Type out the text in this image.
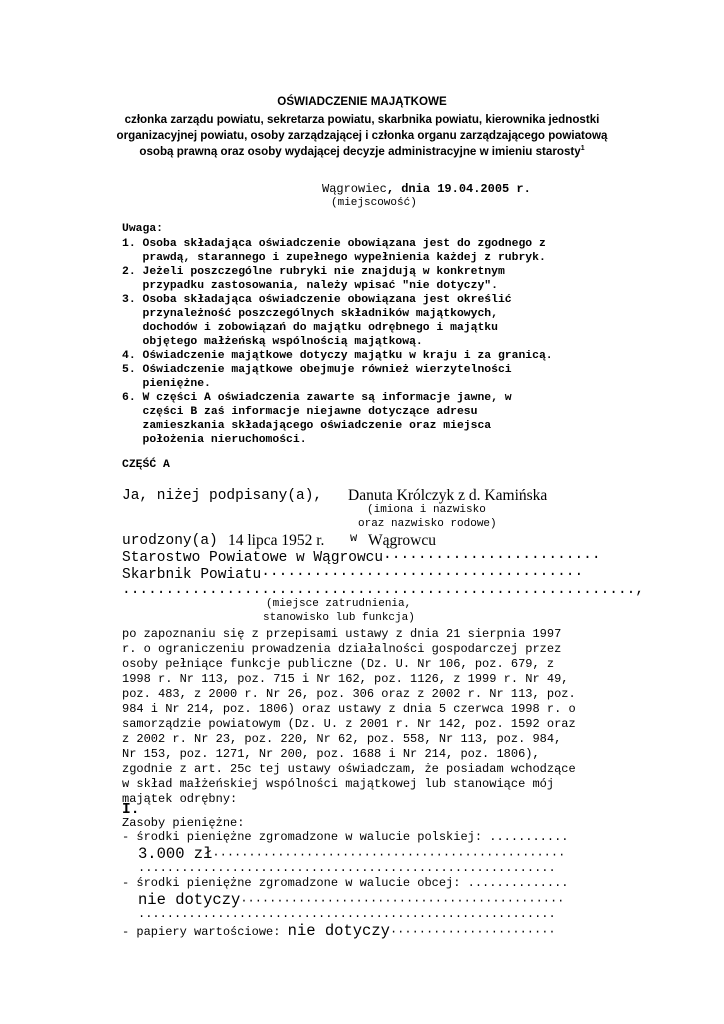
OŚWIADCZENIE MAJĄTKOWE
członka zarządu powiatu, sekretarza powiatu, skarbnika powiatu, kierownika jednostki
organizacyjnej powiatu, osoby zarządzającej i członka organu zarządzającego powiatową
osobą prawną oraz osoby wydającej decyzje administracyjne w imieniu starosty$^1$
Wągrowiec, dnia 19.04.2005 r.
(miejscowość)
Uwaga:
1. Osoba składająca oświadczenie obowiązana jest do zgodnego z
prawdą, starannego i zupełnego wypełnienia każdej z rubryk.
2. Jeżeli poszczególne rubryki nie znajdują w konkretnym
przypadku zastosowania, należy wpisać "nie dotyczy".
3. Osoba składająca oświadczenie obowiązana jest określić
przynależność poszczególnych składników majątkowych,
dochodów i zobowiązań do majątku odrębnego i majątku
objętego małżeńską wspólnością majątkową.
4. Oświadczenie majątkowe dotyczy majątku w kraju i za granicą.
5. Oświadczenie majątkowe obejmuje również wierzytelności
pieniężne.
6. W części A oświadczenia zawarte są informacje jawne, w
części B zaś informacje niejawne dotyczące adresu
zamieszkania składającego oświadczenie oraz miejsca
położenia nieruchomości.
CZĘŚĆ A
Ja, niżej podpisany(a), Danuta Królczyk z d. Kamińska
(imiona i nazwisko
oraz nazwisko rodowe)
urodzony(a) 14 lipca 1952 r. w Wągrowcu
Starostwo Powiatowe w Wągrowcu·························
Skarbnik Powiatu·····································
...........................................................,
(miejsce zatrudnienia,
stanowisko lub funkcja)
po zapoznaniu się z przepisami ustawy z dnia 21 sierpnia 1997
r. o ograniczeniu prowadzenia działalności gospodarczej przez
osoby pełniące funkcje publiczne (Dz. U. Nr 106, poz. 679, z
1998 r. Nr 113, poz. 715 i Nr 162, poz. 1126, z 1999 r. Nr 49,
poz. 483, z 2000 r. Nr 26, poz. 306 oraz z 2002 r. Nr 113, poz.
984 i Nr 214, poz. 1806) oraz ustawy z dnia 5 czerwca 1998 r. o
samorządzie powiatowym (Dz. U. z 2001 r. Nr 142, poz. 1592 oraz
z 2002 r. Nr 23, poz. 220, Nr 62, poz. 558, Nr 113, poz. 984,
Nr 153, poz. 1271, Nr 200, poz. 1688 i Nr 214, poz. 1806),
zgodnie z art. 25c tej ustawy oświadczam, że posiadam wchodzące
w skład małżeńskiej wspólności majątkowej lub stanowiące mój
majątek odrębny:
I.
Zasoby pieniężne:
- środki pieniężne zgromadzone w walucie polskiej: ...........
3.000 zł·················································
..........................................................
- środki pieniężne zgromadzone w walucie obcej: ..............
nie dotyczy·············································
..........................................................
- papiery wartościowe: nie dotyczy·······················
